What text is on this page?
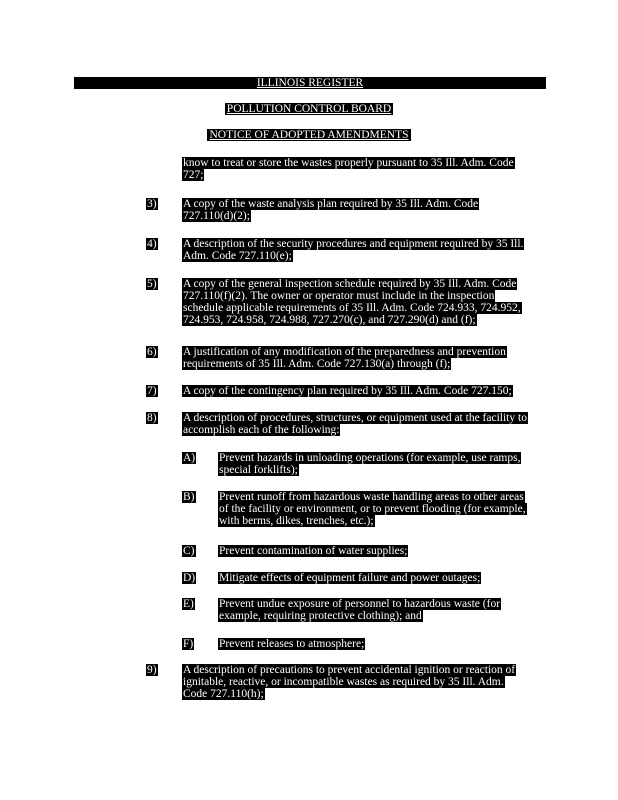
ILLINOIS REGISTER
POLLUTION CONTROL BOARD
NOTICE OF ADOPTED AMENDMENTS
know to treat or store the wastes properly pursuant to 35 Ill. Adm. Code
727;
3) A copy of the waste analysis plan required by 35 Ill. Adm. Code
727.110(d)(2);
4) A description of the security procedures and equipment required by 35 Ill.
Adm. Code 727.110(e);
5) A copy of the general inspection schedule required by 35 Ill. Adm. Code
727.110(f)(2). The owner or operator must include in the inspection
schedule applicable requirements of 35 Ill. Adm. Code 724.933, 724.952,
724.953, 724.958, 724.988, 727.270(c), and 727.290(d) and (f);
6) A justification of any modification of the preparedness and prevention
requirements of 35 Ill. Adm. Code 727.130(a) through (f);
7) A copy of the contingency plan required by 35 Ill. Adm. Code 727.150;
8) A description of procedures, structures, or equipment used at the facility to
accomplish each of the following:
A) Prevent hazards in unloading operations (for example, use ramps,
special forklifts);
B) Prevent runoff from hazardous waste handling areas to other areas
of the facility or environment, or to prevent flooding (for example,
with berms, dikes, trenches, etc.);
C) Prevent contamination of water supplies;
D) Mitigate effects of equipment failure and power outages;
E) Prevent undue exposure of personnel to hazardous waste (for
example, requiring protective clothing); and
F) Prevent releases to atmosphere;
9) A description of precautions to prevent accidental ignition or reaction of
ignitable, reactive, or incompatible wastes as required by 35 Ill. Adm.
Code 727.110(h);
